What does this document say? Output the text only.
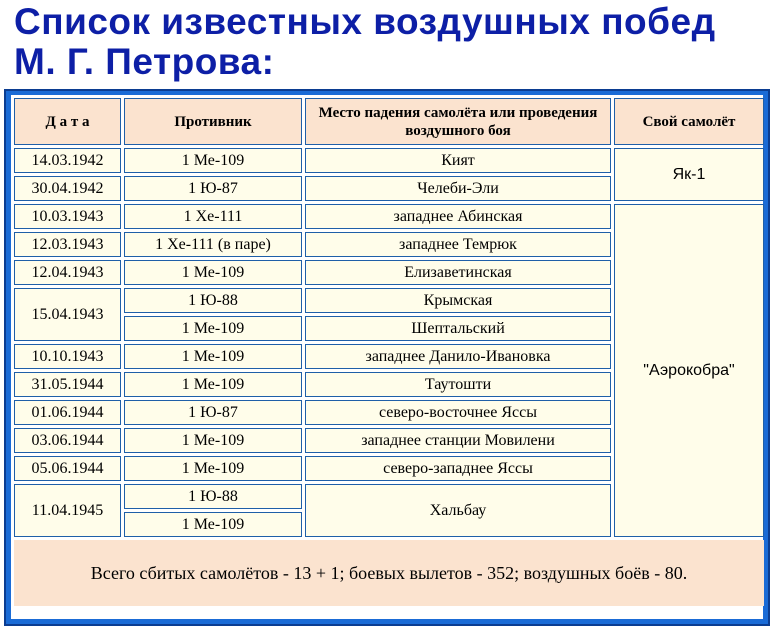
Список известных воздушных побед
М. Г. Петрова:
Д а т а	Противник	Место падения самолёта или проведения воздушного боя	Свой самолёт
14.03.1942	1 Ме-109	Кият	Як-1
30.04.1942	1 Ю-87	Челеби-Эли	
10.03.1943	1 Хе-111	западнее Абинская	"Аэрокобра"
12.03.1943	1 Хе-111 (в паре)	западнее Темрюк	
12.04.1943	1 Ме-109	Елизаветинская	
15.04.1943	1 Ю-88	Крымская	
	1 Ме-109	Шептальский	
10.10.1943	1 Ме-109	западнее Данило-Ивановка	
31.05.1944	1 Ме-109	Таутошти	
01.06.1944	1 Ю-87	северо-восточнее Яссы	
03.06.1944	1 Ме-109	западнее станции Мовилени	
05.06.1944	1 Ме-109	северо-западнее Яссы	
11.04.1945	1 Ю-88	Хальбау	
	1 Ме-109		
Всего сбитых самолётов - 13 + 1; боевых вылетов - 352; воздушных боёв - 80.			
